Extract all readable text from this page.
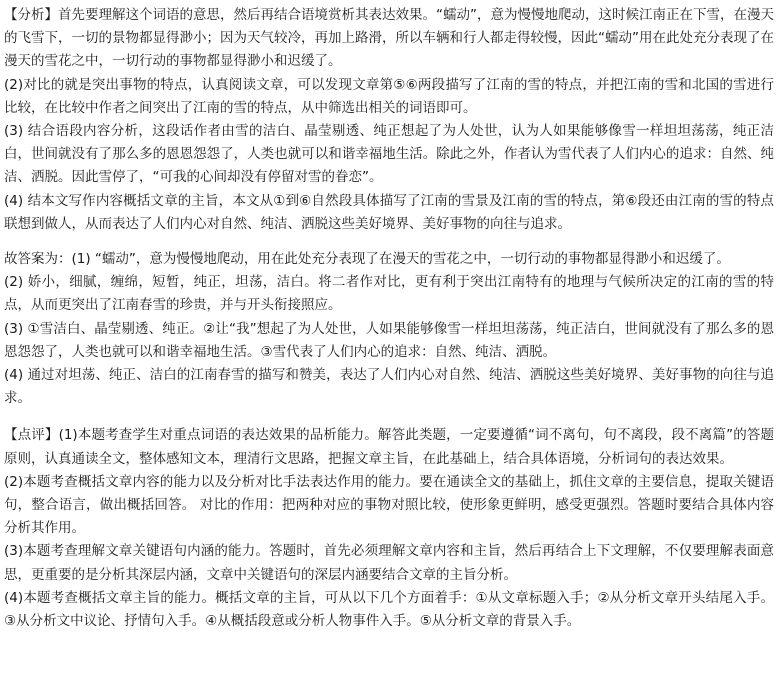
【分析】首先要理解这个词语的意思，然后再结合语境赏析其表达效果。“蠕动”，意为慢慢地爬动，这时候江南正在下雪，在漫天的飞雪下，一切的景物都显得渺小；因为天气较冷，再加上路滑，所以车辆和行人都走得较慢，因此“蠕动”用在此处充分表现了在漫天的雪花之中，一切行动的事物都显得渺小和迟缓了。

(2)对比的就是突出事物的特点，认真阅读文章，可以发现文章第⑤⑥两段描写了江南的雪的特点，并把江南的雪和北国的雪进行比较，在比较中作者之间突出了江南的雪的特点，从中筛选出相关的词语即可。

(3) 结合语段内容分析，这段话作者由雪的洁白、晶莹剔透、纯正想起了为人处世，认为人如果能够像雪一样坦坦荡荡，纯正洁白，世间就没有了那么多的恩恩怨怨了，人类也就可以和谐幸福地生活。除此之外，作者认为雪代表了人们内心的追求：自然、纯洁、洒脱。因此雪停了，“可我的心间却没有停留对雪的眷恋”。

(4) 结本文写作内容概括文章的主旨，本文从①到⑥自然段具体描写了江南的雪景及江南的雪的特点，第⑥段还由江南的雪的特点联想到做人，从而表达了人们内心对自然、纯洁、洒脱这些美好境界、美好事物的向往与追求。

故答案为：(1) “蠕动”，意为慢慢地爬动，用在此处充分表现了在漫天的雪花之中，一切行动的事物都显得渺小和迟缓了。

(2) 娇小，细腻，缠绵，短暂，纯正，坦荡，洁白。将二者作对比，更有利于突出江南特有的地理与气候所决定的江南的雪的特点，从而更突出了江南春雪的珍贵，并与开头衔接照应。

(3) ①雪洁白、晶莹剔透、纯正。②让“我”想起了为人处世，人如果能够像雪一样坦坦荡荡，纯正洁白，世间就没有了那么多的恩恩怨怨了，人类也就可以和谐幸福地生活。③雪代表了人们内心的追求：自然、纯洁、洒脱。

(4) 通过对坦荡、纯正、洁白的江南春雪的描写和赞美，表达了人们内心对自然、纯洁、洒脱这些美好境界、美好事物的向往与追求。

【点评】(1)本题考查学生对重点词语的表达效果的品析能力。解答此类题，一定要遵循“词不离句，句不离段，段不离篇”的答题原则，认真通读全文，整体感知文本，理清行文思路，把握文章主旨，在此基础上，结合具体语境，分析词句的表达效果。

(2)本题考查概括文章内容的能力以及分析对比手法表达作用的能力。要在通读全文的基础上，抓住文章的主要信息，提取关键语句，整合语言，做出概括回答。 对比的作用：把两种对应的事物对照比较，使形象更鲜明，感受更强烈。答题时要结合具体内容分析其作用。

(3)本题考查理解文章关键语句内涵的能力。答题时，首先必须理解文章内容和主旨，然后再结合上下文理解，不仅要理解表面意思，更重要的是分析其深层内涵，文章中关键语句的深层内涵要结合文章的主旨分析。

(4)本题考查概括文章主旨的能力。概括文章的主旨，可从以下几个方面着手：①从文章标题入手；②从分析文章开头结尾入手。③从分析文中议论、抒情句入手。④从概括段意或分析人物事件入手。⑤从分析文章的背景入手。
